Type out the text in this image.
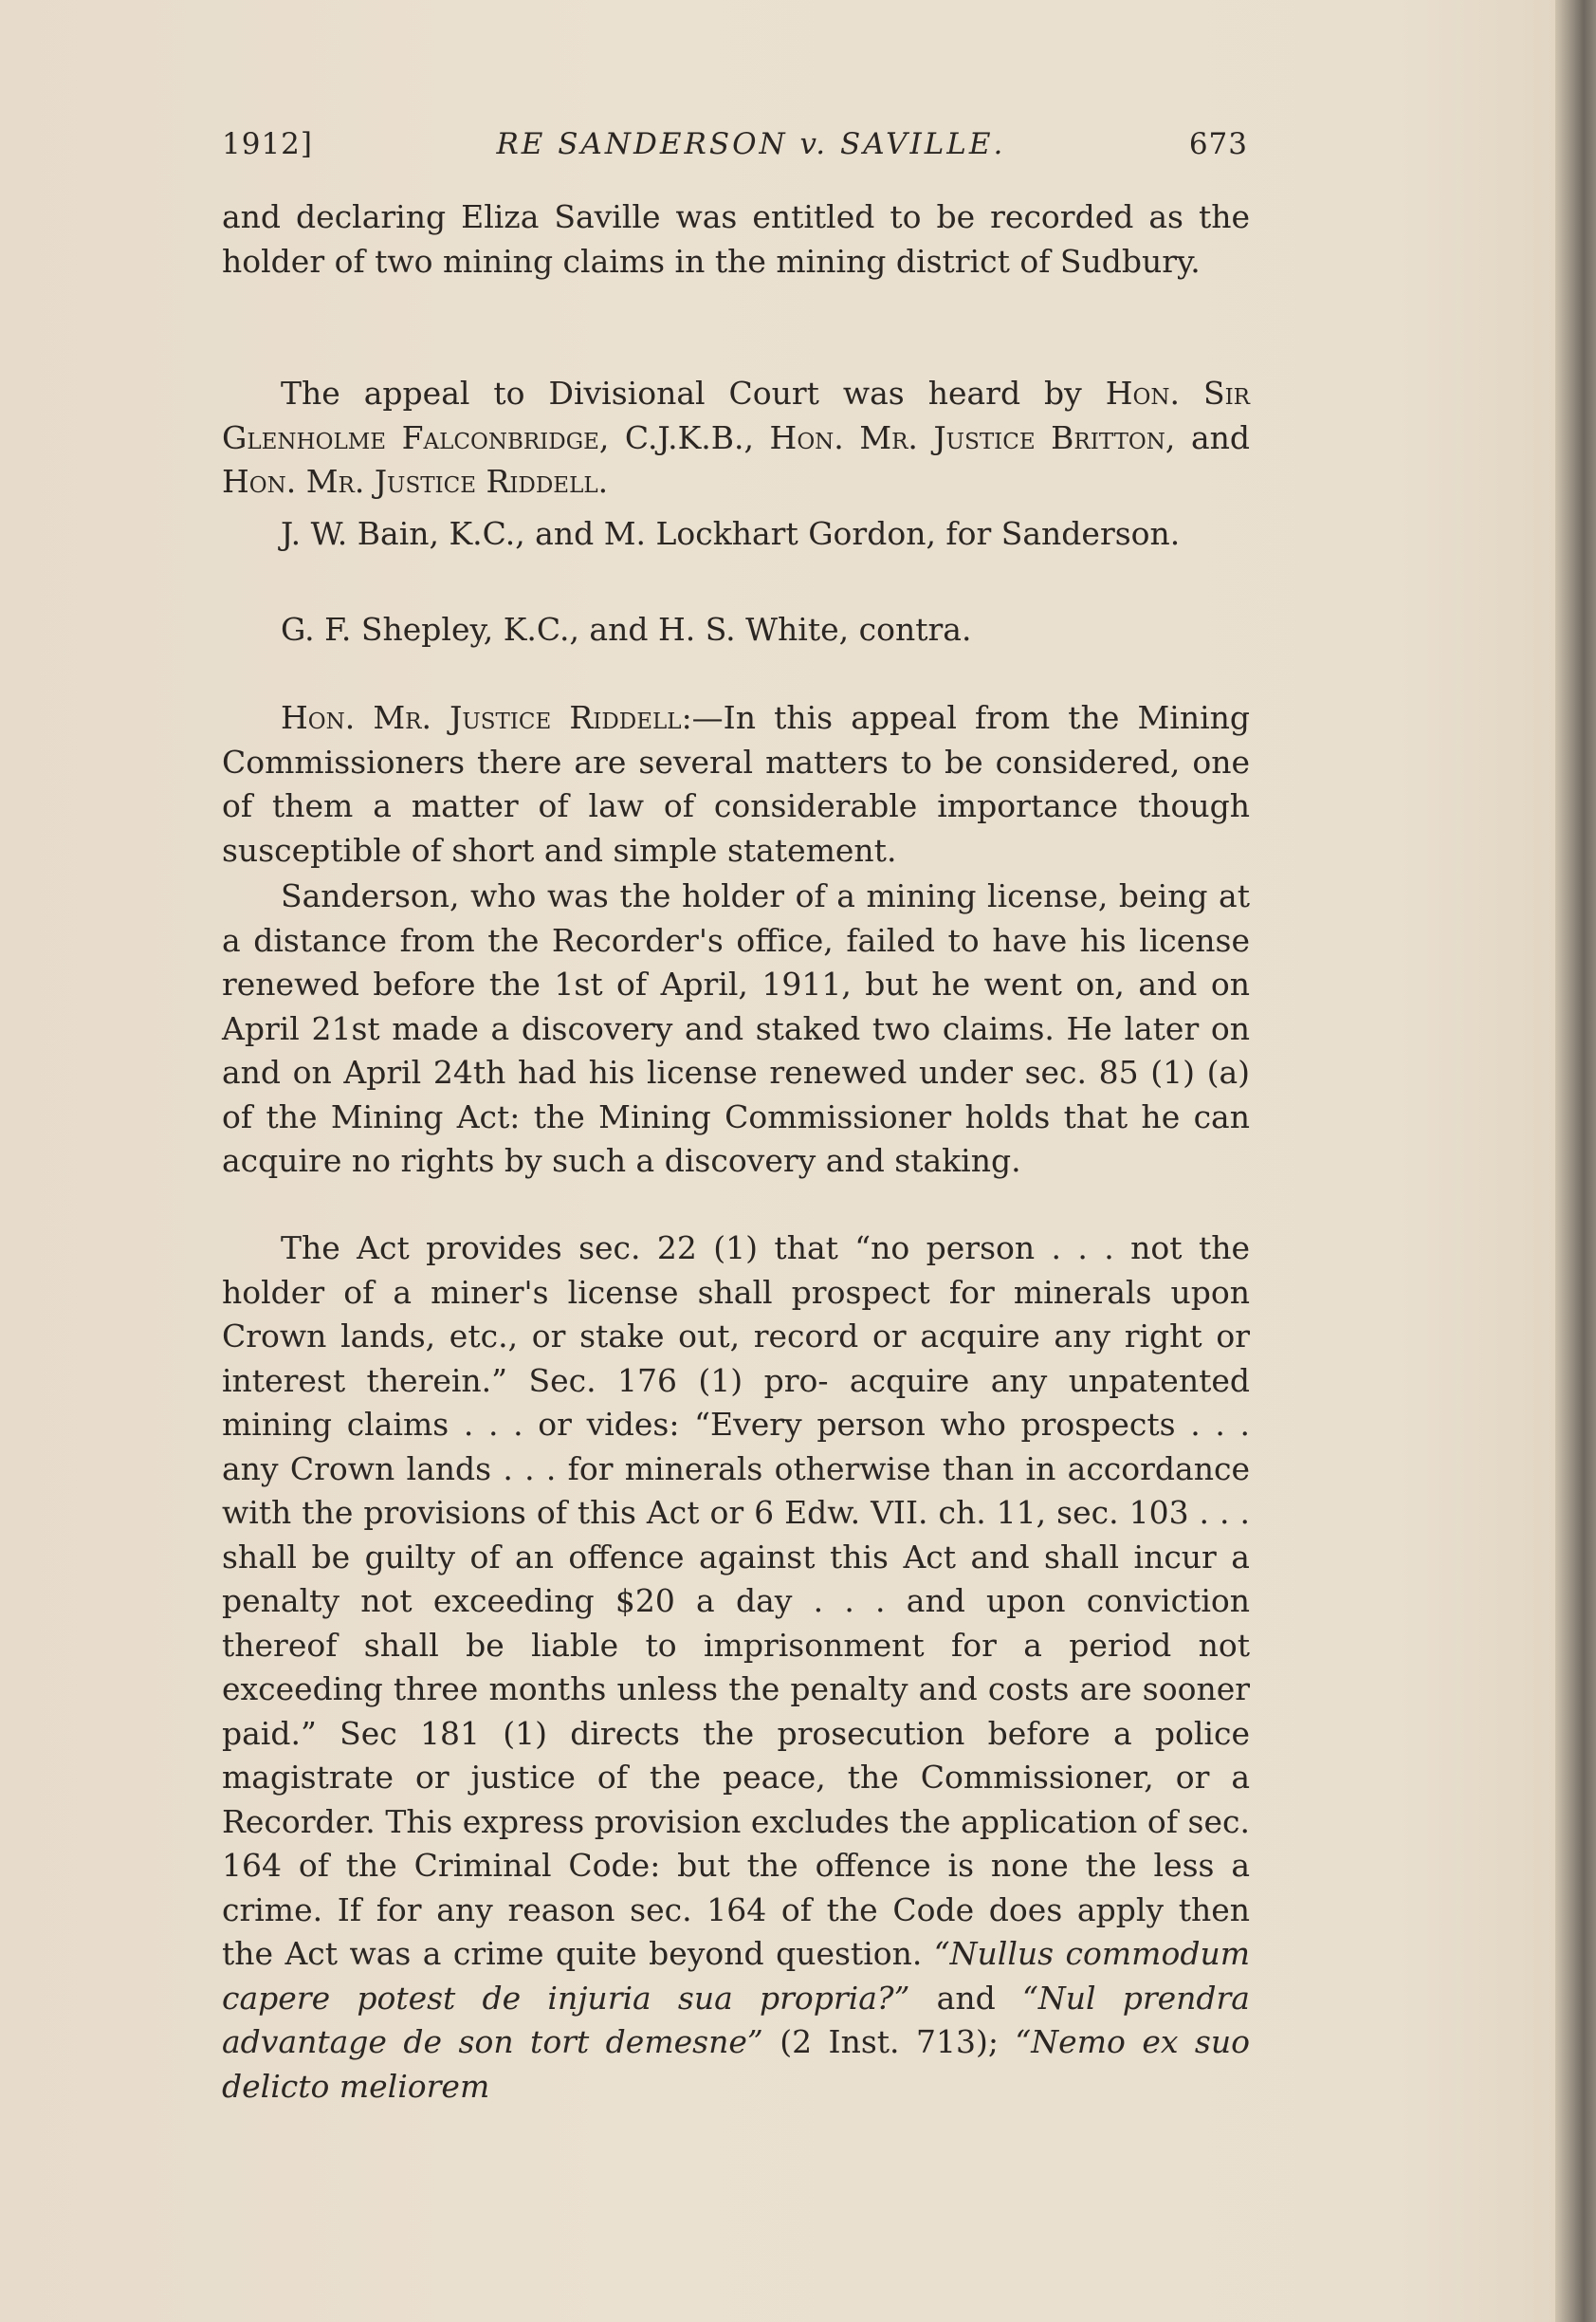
1912]	RE SANDERSON v. SAVILLE.	673

and declaring Eliza Saville was entitled to be recorded as the holder of two mining claims in the mining district of Sudbury.

The appeal to Divisional Court was heard by Hon. Sir Glenholme Falconbridge, C.J.K.B., Hon. Mr. Justice Britton, and Hon. Mr. Justice Riddell.

J. W. Bain, K.C., and M. Lockhart Gordon, for Sanderson.

G. F. Shepley, K.C., and H. S. White, contra.

Hon. Mr. Justice Riddell:—In this appeal from the Mining Commissioners there are several matters to be considered, one of them a matter of law of considerable importance though susceptible of short and simple statement.

Sanderson, who was the holder of a mining license, being at a distance from the Recorder's office, failed to have his license renewed before the 1st of April, 1911, but he went on, and on April 21st made a discovery and staked two claims. He later on and on April 24th had his license renewed under sec. 85 (1) (a) of the Mining Act: the Mining Commissioner holds that he can acquire no rights by such a discovery and staking.

The Act provides sec. 22 (1) that “no person . . . not the holder of a miner's license shall prospect for minerals upon Crown lands, etc., or stake out, record or acquire any right or interest therein.” Sec. 176 (1) pro- acquire any unpatented mining claims . . . or vides: “Every person who prospects . . . any Crown lands . . . for minerals otherwise than in accordance with the provisions of this Act or 6 Edw. VII. ch. 11, sec. 103 . . . shall be guilty of an offence against this Act and shall incur a penalty not exceeding $20 a day . . . and upon conviction thereof shall be liable to imprisonment for a period not exceeding three months unless the penalty and costs are sooner paid.” Sec 181 (1) directs the prosecution before a police magistrate or justice of the peace, the Commissioner, or a Recorder. This express provision excludes the application of sec. 164 of the Criminal Code: but the offence is none the less a crime. If for any reason sec. 164 of the Code does apply then the Act was a crime quite beyond question. “Nullus commodum capere potest de injuria sua propria?” and “Nul prendra advantage de son tort demesne” (2 Inst. 713); “Nemo ex suo delicto meliorem
